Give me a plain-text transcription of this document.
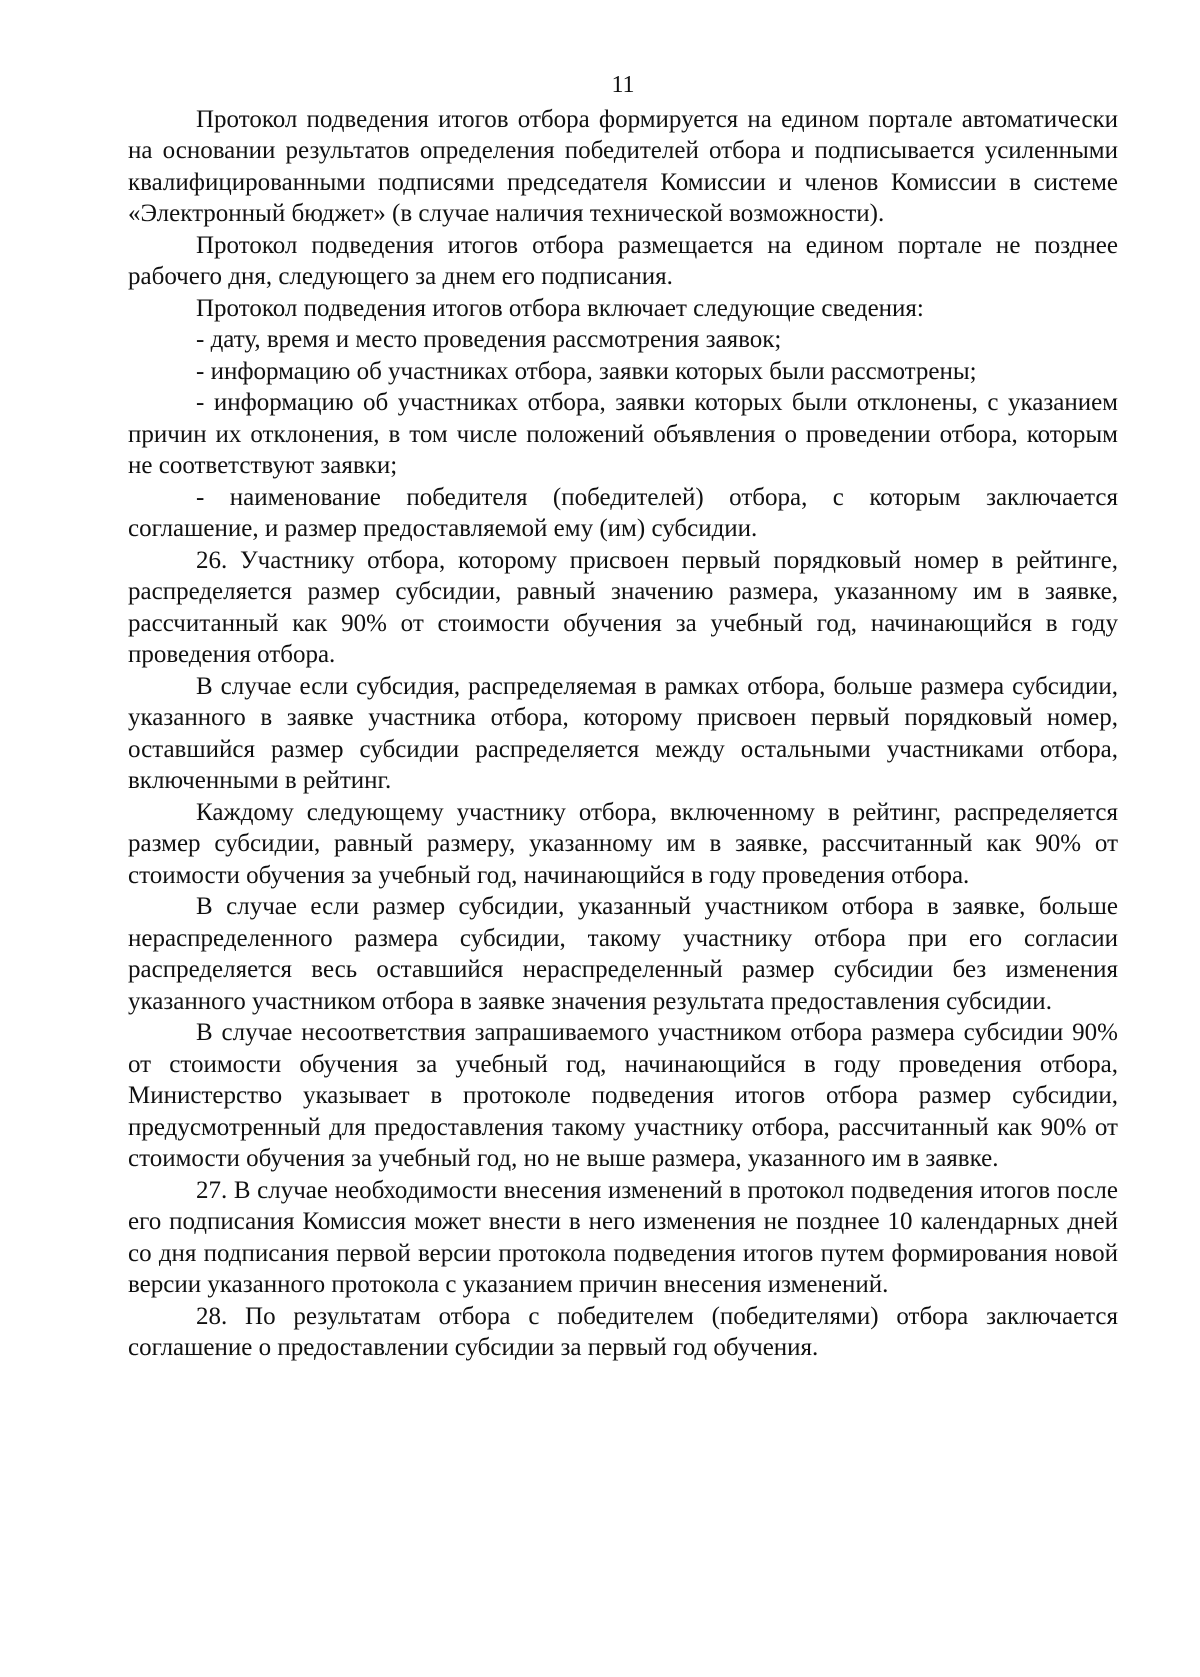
11

Протокол подведения итогов отбора формируется на едином портале автоматически на основании результатов определения победителей отбора и подписывается усиленными квалифицированными подписями председателя Комиссии и членов Комиссии в системе «Электронный бюджет» (в случае наличия технической возможности).

Протокол подведения итогов отбора размещается на едином портале не позднее рабочего дня, следующего за днем его подписания.

Протокол подведения итогов отбора включает следующие сведения:

- дату, время и место проведения рассмотрения заявок;

- информацию об участниках отбора, заявки которых были рассмотрены;

- информацию об участниках отбора, заявки которых были отклонены, с указанием причин их отклонения, в том числе положений объявления о проведении отбора, которым не соответствуют заявки;

- наименование победителя (победителей) отбора, с которым заключается соглашение, и размер предоставляемой ему (им) субсидии.

26. Участнику отбора, которому присвоен первый порядковый номер в рейтинге, распределяется размер субсидии, равный значению размера, указанному им в заявке, рассчитанный как 90% от стоимости обучения за учебный год, начинающийся в году проведения отбора.

В случае если субсидия, распределяемая в рамках отбора, больше размера субсидии, указанного в заявке участника отбора, которому присвоен первый порядковый номер, оставшийся размер субсидии распределяется между остальными участниками отбора, включенными в рейтинг.

Каждому следующему участнику отбора, включенному в рейтинг, распределяется размер субсидии, равный размеру, указанному им в заявке, рассчитанный как 90% от стоимости обучения за учебный год, начинающийся в году проведения отбора.

В случае если размер субсидии, указанный участником отбора в заявке, больше нераспределенного размера субсидии, такому участнику отбора при его согласии распределяется весь оставшийся нераспределенный размер субсидии без изменения указанного участником отбора в заявке значения результата предоставления субсидии.

В случае несоответствия запрашиваемого участником отбора размера субсидии 90% от стоимости обучения за учебный год, начинающийся в году проведения отбора, Министерство указывает в протоколе подведения итогов отбора размер субсидии, предусмотренный для предоставления такому участнику отбора, рассчитанный как 90% от стоимости обучения за учебный год, но не выше размера, указанного им в заявке.

27. В случае необходимости внесения изменений в протокол подведения итогов после его подписания Комиссия может внести в него изменения не позднее 10 календарных дней со дня подписания первой версии протокола подведения итогов путем формирования новой версии указанного протокола с указанием причин внесения изменений.

28. По результатам отбора с победителем (победителями) отбора заключается соглашение о предоставлении субсидии за первый год обучения.
